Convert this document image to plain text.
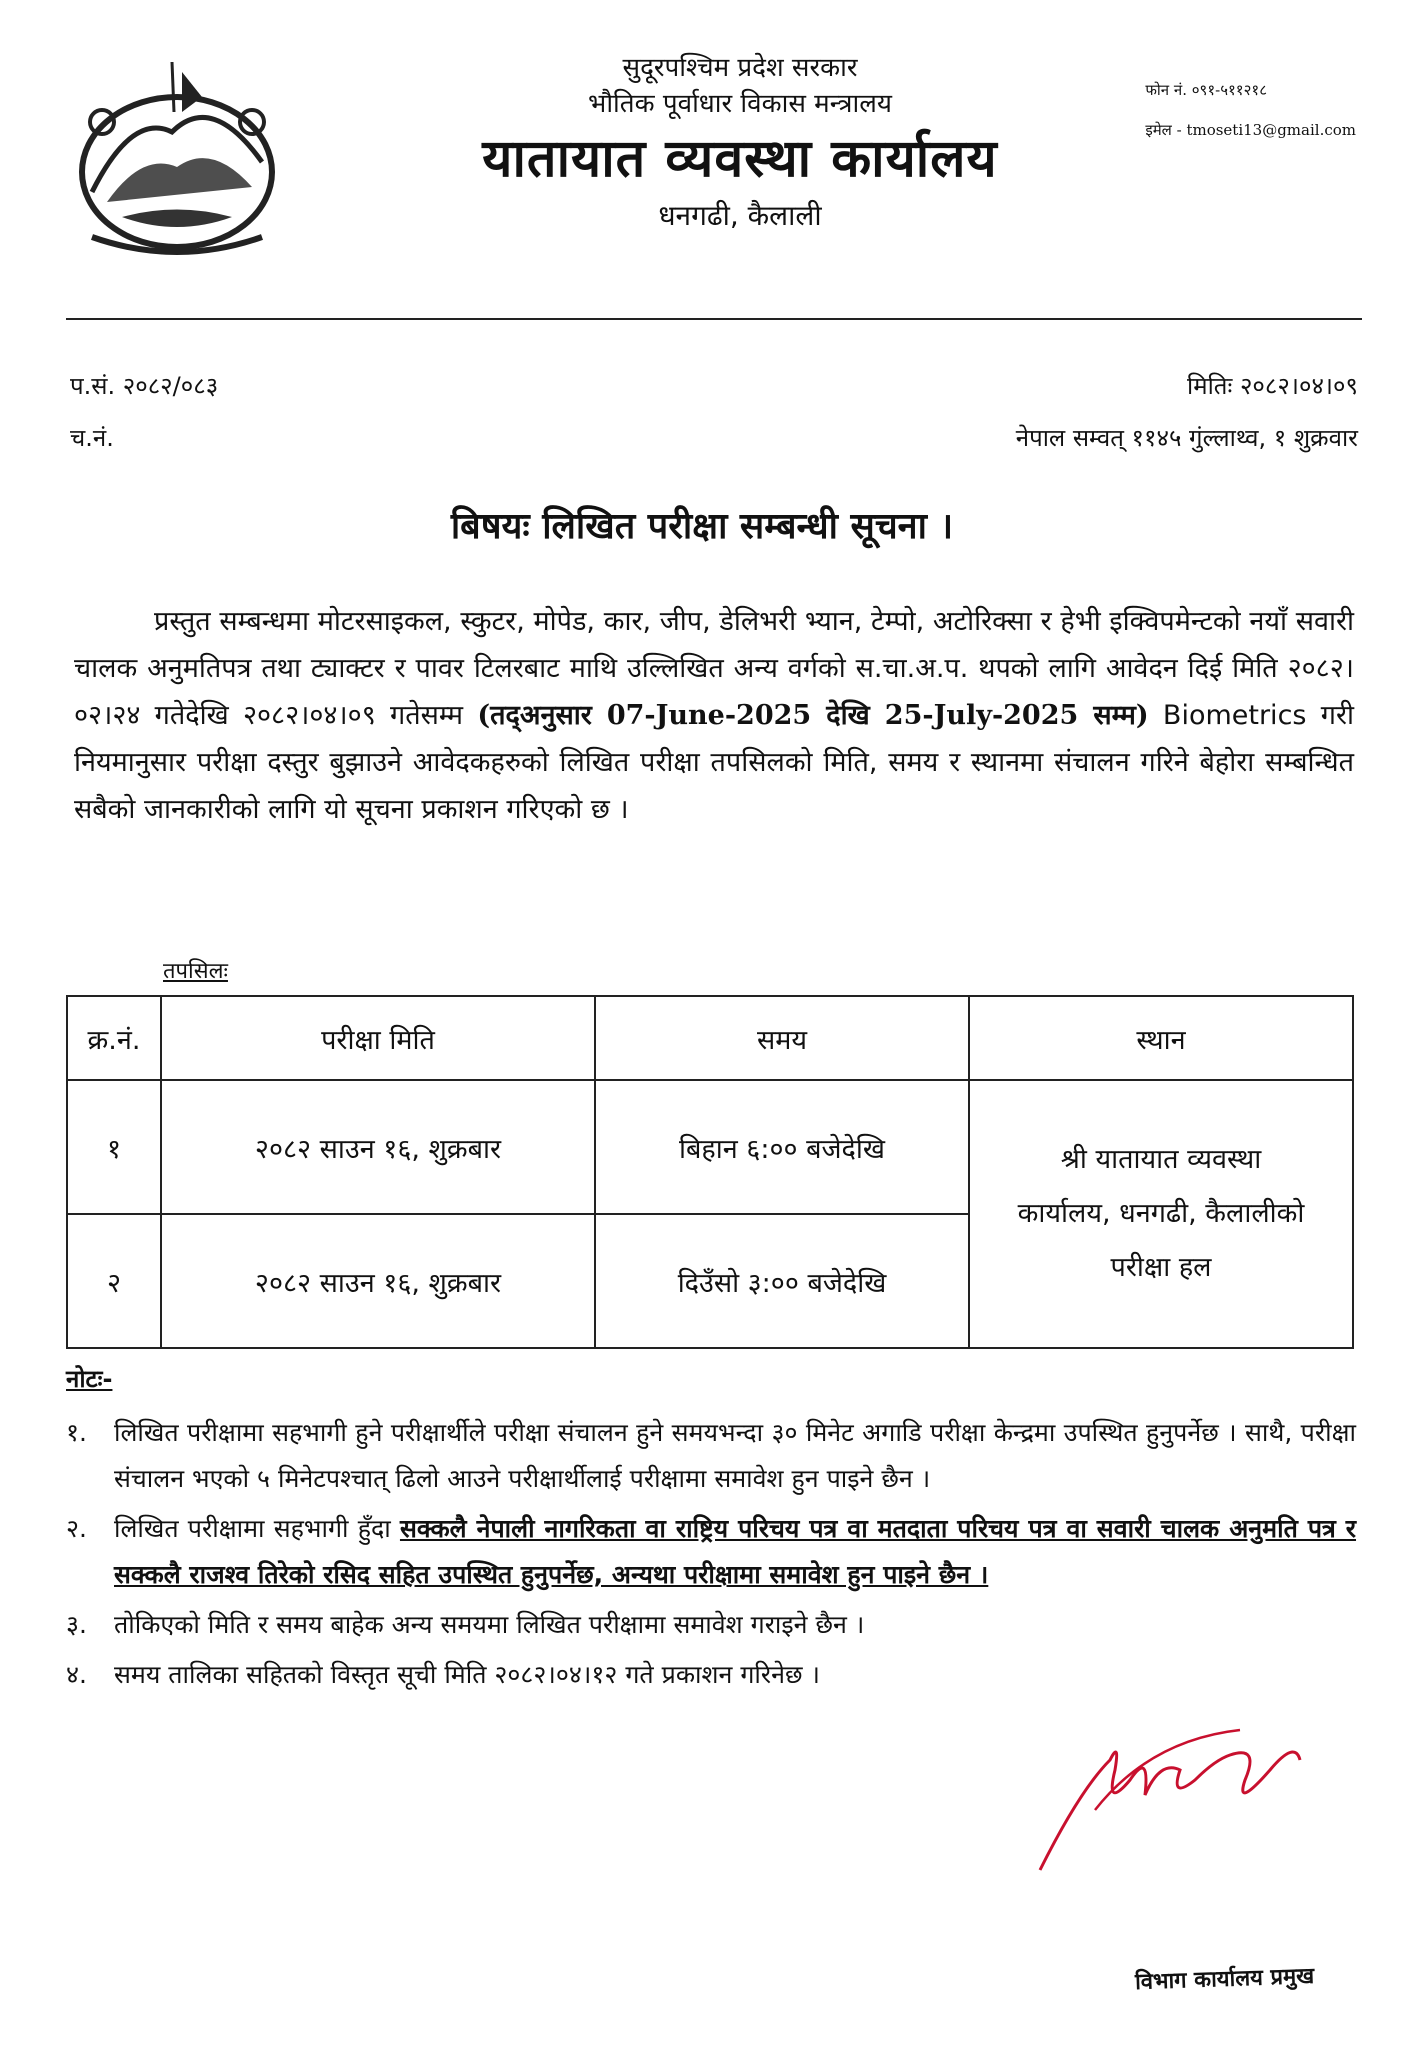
सुदूरपश्चिम प्रदेश सरकार
भौतिक पूर्वाधार विकास मन्त्रालय
यातायात व्यवस्था कार्यालय
धनगढी, कैलाली
फोन नं. ०९१-५११२१८
इमेल - tmoseti13@gmail.com
प.सं. २०८२/०८३
च.नं.
मितिः २०८२।०४।०९
नेपाल सम्वत् ११४५ गुंल्लाथ्व, १ शुक्रवार
बिषयः लिखित परीक्षा सम्बन्धी सूचना ।
प्रस्तुत सम्बन्धमा मोटरसाइकल, स्कुटर, मोपेड, कार, जीप, डेलिभरी भ्यान, टेम्पो, अटोरिक्सा र हेभी इक्विपमेन्टको नयाँ सवारी चालक अनुमतिपत्र तथा ट्याक्टर र पावर टिलरबाट माथि उल्लिखित अन्य वर्गको स.चा.अ.प. थपको लागि आवेदन दिई मिति २०८२।०२।२४ गतेदेखि २०८२।०४।०९ गतेसम्म (तद्अनुसार 07-June-2025 देखि 25-July-2025 सम्म) Biometrics गरी नियमानुसार परीक्षा दस्तुर बुझाउने आवेदकहरुको लिखित परीक्षा तपसिलको मिति, समय र स्थानमा संचालन गरिने बेहोरा सम्बन्धित सबैको जानकारीको लागि यो सूचना प्रकाशन गरिएको छ ।
तपसिलः
क्र.नं.	परीक्षा मिति	समय	स्थान
१	२०८२ साउन १६, शुक्रबार	बिहान ६:०० बजेदेखि	श्री यातायात व्यवस्था
कार्यालय, धनगढी, कैलालीको
परीक्षा हल

२	२०८२ साउन १६, शुक्रबार	दिउँसो ३:०० बजेदेखि	
नोटः-
१.	लिखित परीक्षामा सहभागी हुने परीक्षार्थीले परीक्षा संचालन हुने समयभन्दा ३० मिनेट अगाडि परीक्षा केन्द्रमा उपस्थित हुनुपर्नेछ । साथै, परीक्षा संचालन भएको ५ मिनेटपश्चात् ढिलो आउने परीक्षार्थीलाई परीक्षामा समावेश हुन पाइने छैन ।
२.	लिखित परीक्षामा सहभागी हुँदा सक्कलै नेपाली नागरिकता वा राष्ट्रिय परिचय पत्र वा मतदाता परिचय पत्र वा सवारी चालक अनुमति पत्र र सक्कलै राजश्व तिरेको रसिद सहित उपस्थित हुनुपर्नेछ, अन्यथा परीक्षामा समावेश हुन पाइने छैन ।
३.	तोकिएको मिति र समय बाहेक अन्य समयमा लिखित परीक्षामा समावेश गराइने छैन ।
४.	समय तालिका सहितको विस्तृत सूची मिति २०८२।०४।१२ गते प्रकाशन गरिनेछ ।
विभाग कार्यालय प्रमुख
